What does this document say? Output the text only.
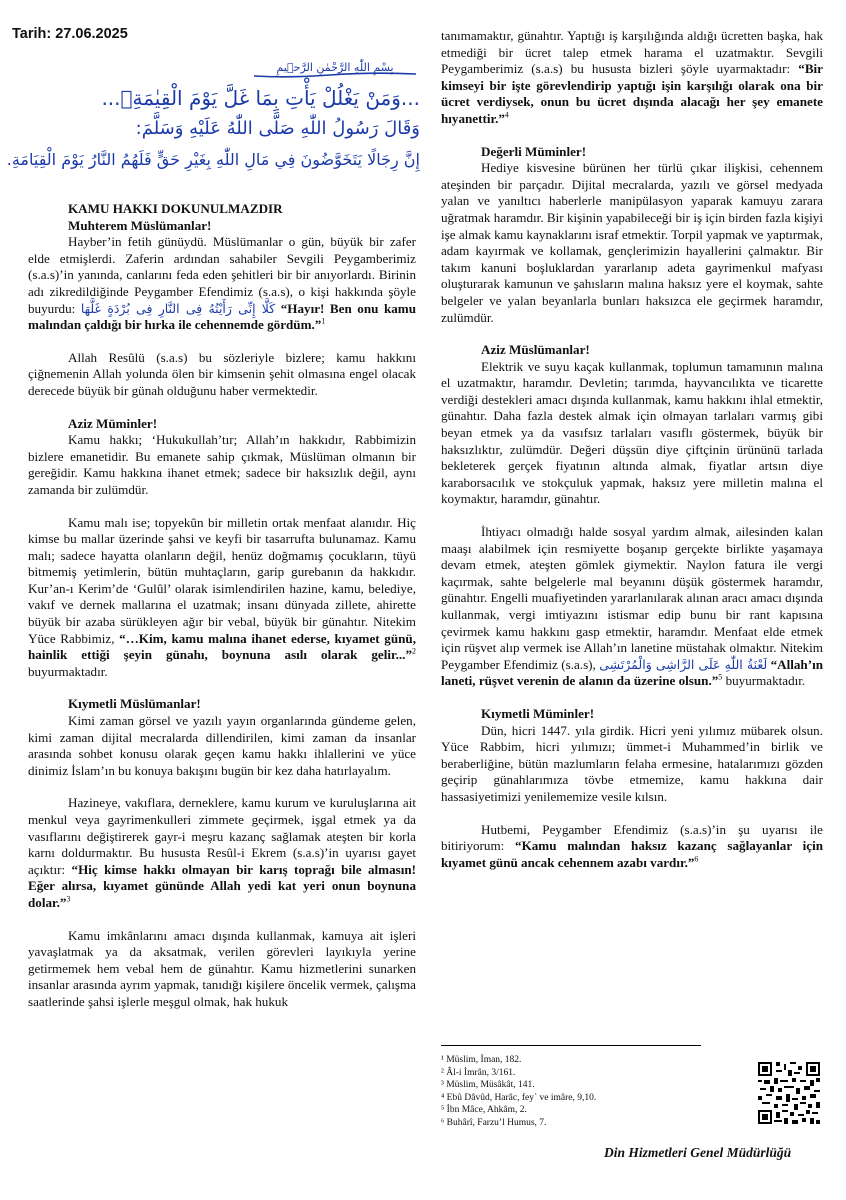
Tarih: 27.06.2025
بِسْمِ اللّٰهِ الرَّحْمٰنِ الرَّح۪يمِ
...وَمَنْ يَغْلُلْ يَأْتِ بِمَا غَلَّ يَوْمَ الْقِيٰمَةِۚ...
وَقَالَ رَسُولُ اللّٰهِ صَلَّى اللّٰهُ عَلَيْهِ وَسَلَّمَ:
إِنَّ رِجَالًا يَتَخَوَّضُونَ فِي مَالِ اللّٰهِ بِغَيْرِ حَقٍّ فَلَهُمُ النَّارُ يَوْمَ الْقِيَامَةِ.
KAMU HAKKI DOKUNULMAZDIR
Muhterem Müslümanlar!

Hayber’in fetih günüydü. Müslümanlar o gün, büyük bir zafer elde etmişlerdi. Zaferin ardından sahabiler Sevgili Peygamberimiz (s.a.s)’in yanında, canlarını feda eden şehitleri bir bir anıyorlardı. Birinin adı zikredildiğinde Peygamber Efendimiz (s.a.s), o kişi hakkında şöyle buyurdu: كَلَّا إِنِّى رَأَيْتُهُ فِى النَّارِ فِى بُرْدَةٍ غَلَّهَا “Hayır! Ben onu kamu malından çaldığı bir hırka ile cehennemde gördüm.”$^1$

Allah Resûlü (s.a.s) bu sözleriyle bizlere; kamu hakkını çiğnemenin Allah yolunda ölen bir kimsenin şehit olmasına engel olacak derecede büyük bir günah olduğunu haber vermektedir.

Aziz Müminler!

Kamu hakkı; ‘Hukukullah’tır; Allah’ın hakkıdır, Rabbimizin bizlere emanetidir. Bu emanete sahip çıkmak, Müslüman olmanın bir gereğidir. Kamu hakkına ihanet etmek; sadece bir haksızlık değil, aynı zamanda bir zulümdür.

Kamu malı ise; topyekûn bir milletin ortak menfaat alanıdır. Hiç kimse bu mallar üzerinde şahsi ve keyfi bir tasarrufta bulunamaz. Kamu malı; sadece hayatta olanların değil, henüz doğmamış çocukların, tüyü bitmemiş yetimlerin, bütün muhtaçların, garip gurebanın da hakkıdır. Kur’an-ı Kerim’de ‘Gulûl’ olarak isimlendirilen hazine, kamu, belediye, vakıf ve dernek mallarına el uzatmak; insanı dünyada zillete, ahirette büyük bir azaba sürükleyen ağır bir vebal, büyük bir günahtır. Nitekim Yüce Rabbimiz, “…Kim, kamu malına ihanet ederse, kıyamet günü, hainlik ettiği şeyin günahı, boynuna asılı olarak gelir...”$^2$ buyurmaktadır.

Kıymetli Müslümanlar!

Kimi zaman görsel ve yazılı yayın organlarında gündeme gelen, kimi zaman dijital mecralarda dillendirilen, kimi zaman da insanlar arasında sohbet konusu olarak geçen kamu hakkı ihlallerini ve yüce dinimiz İslam’ın bu konuya bakışını bugün bir kez daha hatırlayalım.

Hazineye, vakıflara, derneklere, kamu kurum ve kuruluşlarına ait menkul veya gayrimenkulleri zimmete geçirmek, işgal etmek ya da vasıflarını değiştirerek gayr-i meşru kazanç sağlamak ateşten bir korla karnı doldurmaktır. Bu hususta Resûl-i Ekrem (s.a.s)’in uyarısı gayet açıktır: “Hiç kimse hakkı olmayan bir karış toprağı bile almasın! Eğer alırsa, kıyamet gününde Allah yedi kat yeri onun boynuna dolar.”$^3$

Kamu imkânlarını amacı dışında kullanmak, kamuya ait işleri yavaşlatmak ya da aksatmak, verilen görevleri layıkıyla yerine getirmemek hem vebal hem de günahtır. Kamu hizmetlerini sunarken insanlar arasında ayrım yapmak, tanıdığı kişilere öncelik vermek, çalışma saatlerinde şahsi işlerle meşgul olmak, hak hukuk

tanımamaktır, günahtır. Yaptığı iş karşılığında aldığı ücretten başka, hak etmediği bir ücret talep etmek harama el uzatmaktır. Sevgili Peygamberimiz (s.a.s) bu hususta bizleri şöyle uyarmaktadır: “Bir kimseyi bir işte görevlendirip yaptığı işin karşılığı olarak ona bir ücret verdiysek, onun bu ücret dışında alacağı her şey emanete hıyanettir.”$^4$

Değerli Müminler!

Hediye kisvesine bürünen her türlü çıkar ilişkisi, cehennem ateşinden bir parçadır. Dijital mecralarda, yazılı ve görsel medyada yalan ve yanıltıcı haberlerle manipülasyon yaparak kamuyu zarara uğratmak haramdır. Bir kişinin yapabileceği bir iş için birden fazla kişiyi işe almak kamu kaynaklarını israf etmektir. Torpil yapmak ve yaptırmak, adam kayırmak ve kollamak, gençlerimizin hayallerini çalmaktır. Bir takım kanuni boşluklardan yararlanıp adeta gayrimenkul mafyası oluşturarak kamunun ve şahısların malına haksız yere el koymak, sahte belgeler ve yalan beyanlarla bunları haksızca ele geçirmek haramdır, zulümdür.

Aziz Müslümanlar!

Elektrik ve suyu kaçak kullanmak, toplumun tamamının malına el uzatmaktır, haramdır. Devletin; tarımda, hayvancılıkta ve ticarette verdiği destekleri amacı dışında kullanmak, kamu hakkını ihlal etmektir, günahtır. Daha fazla destek almak için olmayan tarlaları varmış gibi beyan etmek ya da vasıfsız tarlaları vasıflı göstermek, büyük bir haksızlıktır, zulümdür. Değeri düşsün diye çiftçinin ürününü tarlada bekleterek gerçek fiyatının altında almak, fiyatlar artsın diye karaborsacılık ve stokçuluk yapmak, haksız yere milletin malına el koymaktır, haramdır, günahtır.

İhtiyacı olmadığı halde sosyal yardım almak, ailesinden kalan maaşı alabilmek için resmiyette boşanıp gerçekte birlikte yaşamaya devam etmek, ateşten gömlek giymektir. Naylon fatura ile vergi kaçırmak, sahte belgelerle mal beyanını düşük göstermek haramdır, günahtır. Engelli muafiyetinden yararlanılarak alınan aracı amacı dışında kullanmak, vergi imtiyazını istismar edip bunu bir rant kapısına çevirmek kamu hakkını gasp etmektir, haramdır. Menfaat elde etmek için rüşvet alıp vermek ise Allah’ın lanetine müstahak olmaktır. Nitekim Peygamber Efendimiz (s.a.s), لَعْنَةُ اللّٰهِ عَلَى الرَّاشِى وَالْمُرْتَشِى “Allah’ın laneti, rüşvet verenin de alanın da üzerine olsun.”$^5$ buyurmaktadır.

Kıymetli Müminler!

Dün, hicri 1447. yıla girdik. Hicri yeni yılımız mübarek olsun. Yüce Rabbim, hicri yılımızı; ümmet-i Muhammed’in birlik ve beraberliğine, bütün mazlumların felaha ermesine, hatalarımızı gözden geçirip günahlarımıza tövbe etmemize, kamu hakkına dair hassasiyetimizi yenilememize vesile kılsın.

Hutbemi, Peygamber Efendimiz (s.a.s)’in şu uyarısı ile bitiriyorum: “Kamu malından haksız kazanç sağlayanlar için kıyamet günü ancak cehennem azabı vardır.”$^6$

¹ Müslim, İman, 182.
² Âl-i İmrân, 3/161.
³ Müslim, Müsâkât, 141.
⁴ Ebû Dâvûd, Harâc, fey` ve imâre, 9,10.
⁵ İbn Mâce, Ahkâm, 2.
⁶ Buhârî, Farzu’l Humus, 7.
Din Hizmetleri Genel Müdürlüğü
